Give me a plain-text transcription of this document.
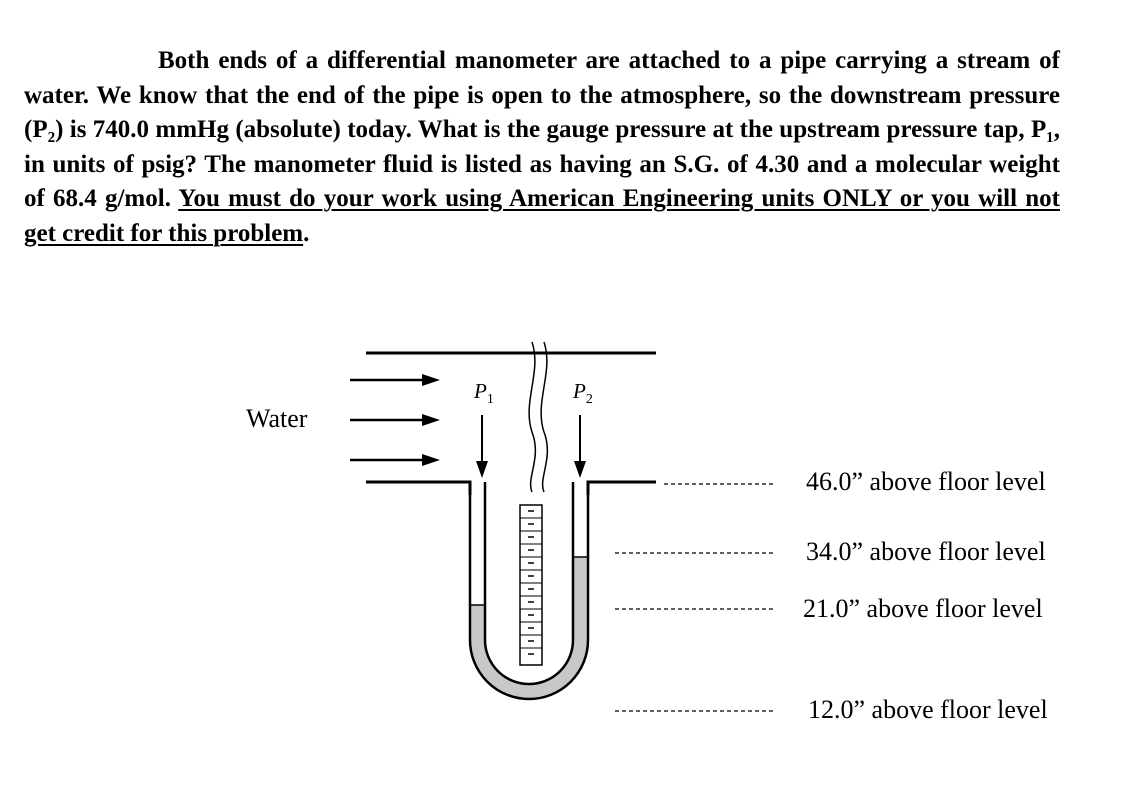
Both ends of a differential manometer are attached to a pipe carrying a stream of water. We know that the end of the pipe is open to the atmosphere, so the downstream pressure (P₂) is 740.0 mmHg (absolute) today. What is the gauge pressure at the upstream pressure tap, P₁, in units of psig? The manometer fluid is listed as having an S.G. of 4.30 and a molecular weight of 68.4 g/mol. You must do your work using American Engineering units ONLY or you will not get credit for this problem.

Water
$P_1$	$P_2$
46.0” above floor level
34.0” above floor level
21.0” above floor level
12.0” above floor level
